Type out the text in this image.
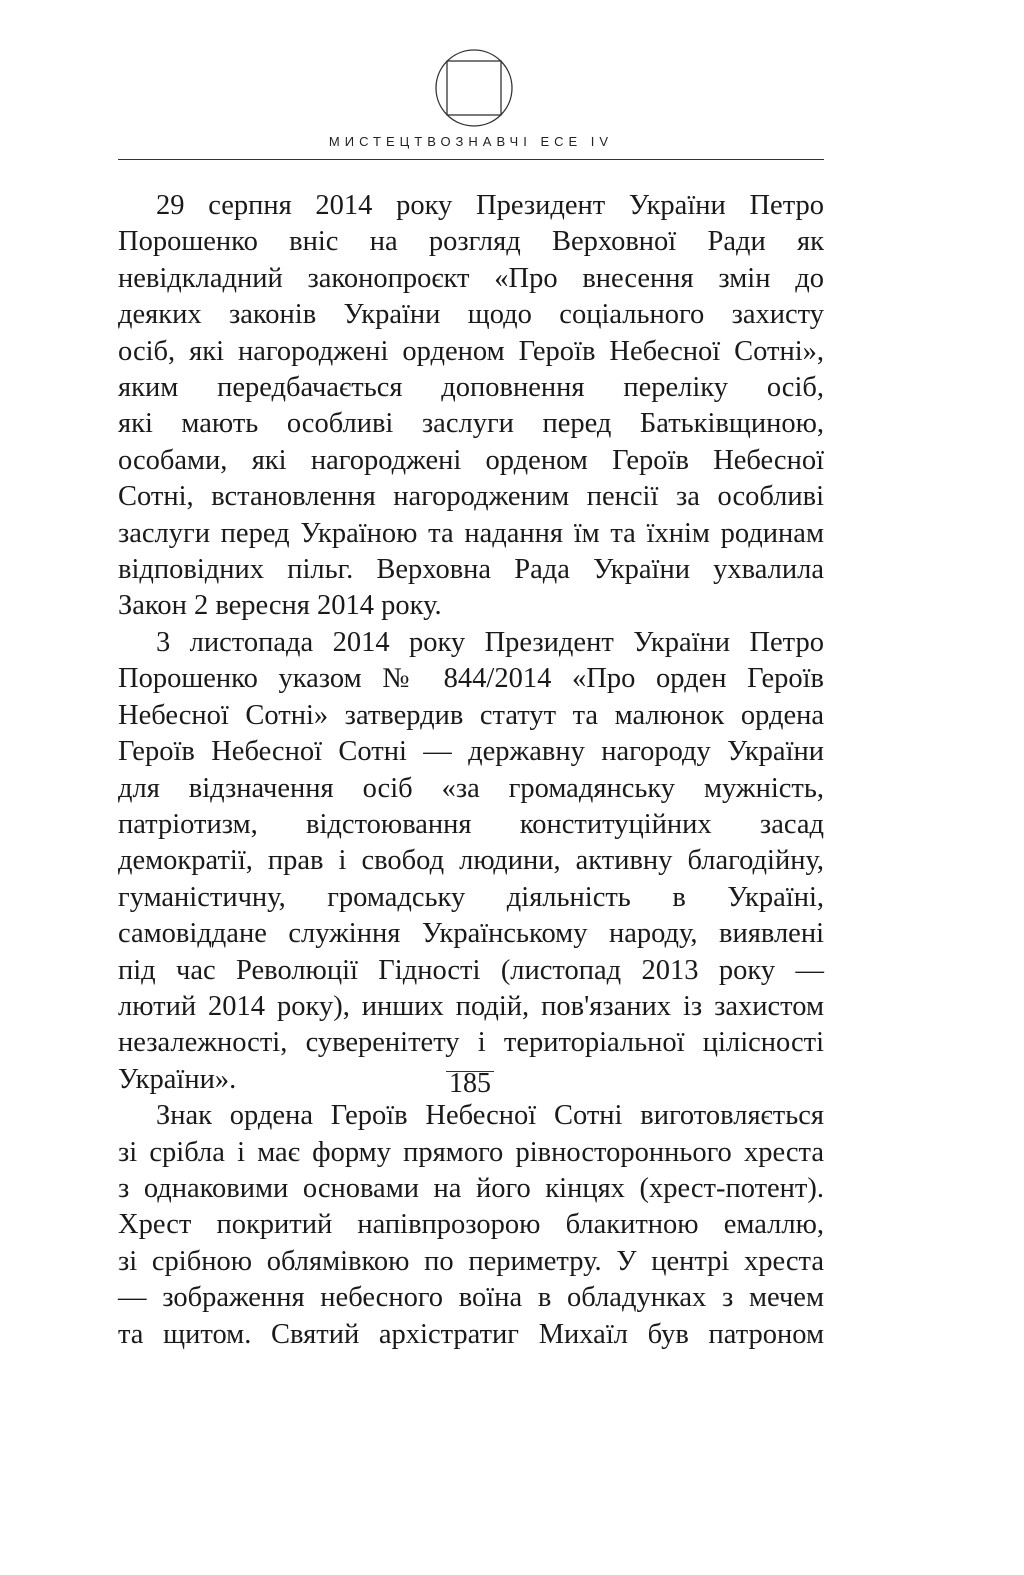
МИСТЕЦТВОЗНАВЧІ ЕСЕ IV

29 серпня 2014 року Президент України Петро
Порошенко вніс на розгляд Верховної Ради як
невідкладний законопроєкт «Про внесення змін до
деяких законів України щодо соціального захисту
осіб, які нагороджені орденом Героїв Небесної Сотні»,
яким передбачається доповнення переліку осіб,
які мають особливі заслуги перед Батьківщиною,
особами, які нагороджені орденом Героїв Небесної
Сотні, встановлення нагородженим пенсії за особливі
заслуги перед Україною та надання їм та їхнім родинам
відповідних пільг. Верховна Рада України ухвалила
Закон 2 вересня 2014 року.

3 листопада 2014 року Президент України Петро
Порошенко указом № 844/2014 «Про орден Героїв
Небесної Сотні» затвердив статут та малюнок ордена
Героїв Небесної Сотні — державну нагороду України
для відзначення осіб «за громадянську мужність,
патріотизм, відстоювання конституційних засад
демократії, прав і свобод людини, активну благодійну,
гуманістичну, громадську діяльність в Україні,
самовіддане служіння Українському народу, виявлені
під час Революції Гідності (листопад 2013 року —
лютий 2014 року), инших подій, пов'язаних із захистом
незалежності, суверенітету і територіальної цілісності
України».

Знак ордена Героїв Небесної Сотні виготовляється
зі срібла і має форму прямого рівностороннього хреста
з однаковими основами на його кінцях (хрест-потент).
Хрест покритий напівпрозорою блакитною емаллю,
зі срібною облямівкою по периметру. У центрі хреста
— зображення небесного воїна в обладунках з мечем
та щитом. Святий архістратиг Михаїл був патроном

185
